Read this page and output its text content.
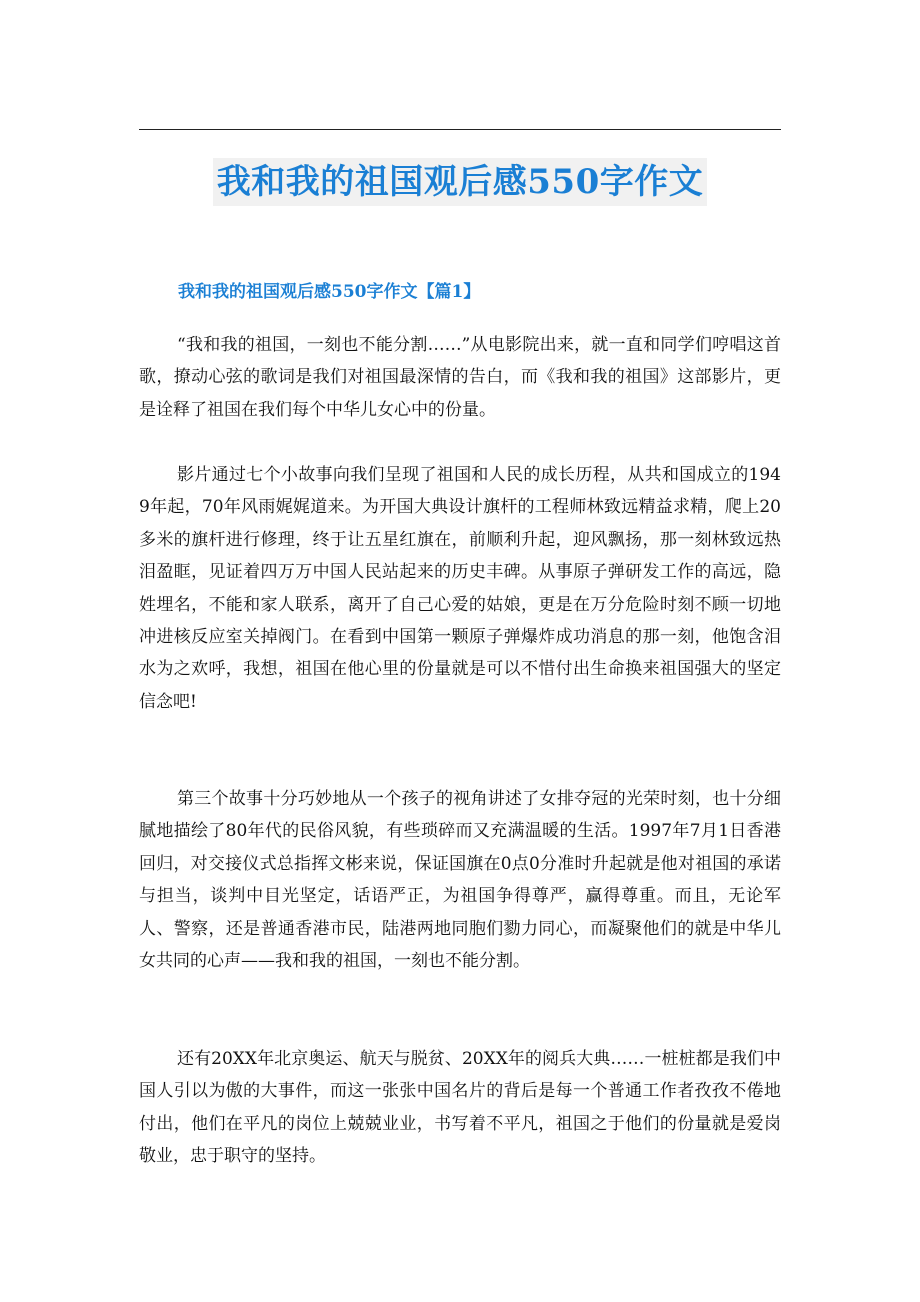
我和我的祖国观后感550字作文
我和我的祖国观后感550字作文【篇1】

“我和我的祖国，一刻也不能分割……”从电影院出来，就一直和同学们哼唱这首歌，撩动心弦的歌词是我们对祖国最深情的告白，而《我和我的祖国》这部影片，更是诠释了祖国在我们每个中华儿女心中的份量。

影片通过七个小故事向我们呈现了祖国和人民的成长历程，从共和国成立的1949年起，70年风雨娓娓道来。为开国大典设计旗杆的工程师林致远精益求精，爬上20多米的旗杆进行修理，终于让五星红旗在，前顺利升起，迎风飘扬，那一刻林致远热泪盈眶，见证着四万万中国人民站起来的历史丰碑。从事原子弹研发工作的高远，隐姓埋名，不能和家人联系，离开了自己心爱的姑娘，更是在万分危险时刻不顾一切地冲进核反应室关掉阀门。在看到中国第一颗原子弹爆炸成功消息的那一刻，他饱含泪水为之欢呼，我想，祖国在他心里的份量就是可以不惜付出生命换来祖国强大的坚定信念吧!

第三个故事十分巧妙地从一个孩子的视角讲述了女排夺冠的光荣时刻，也十分细腻地描绘了80年代的民俗风貌，有些琐碎而又充满温暖的生活。1997年7月1日香港回归，对交接仪式总指挥文彬来说，保证国旗在0点0分准时升起就是他对祖国的承诺与担当，谈判中目光坚定，话语严正，为祖国争得尊严，赢得尊重。而且，无论军人、警察，还是普通香港市民，陆港两地同胞们勠力同心，而凝聚他们的就是中华儿女共同的心声——我和我的祖国，一刻也不能分割。

还有20XX年北京奥运、航天与脱贫、20XX年的阅兵大典……一桩桩都是我们中国人引以为傲的大事件，而这一张张中国名片的背后是每一个普通工作者孜孜不倦地付出，他们在平凡的岗位上兢兢业业，书写着不平凡，祖国之于他们的份量就是爱岗敬业，忠于职守的坚持。
